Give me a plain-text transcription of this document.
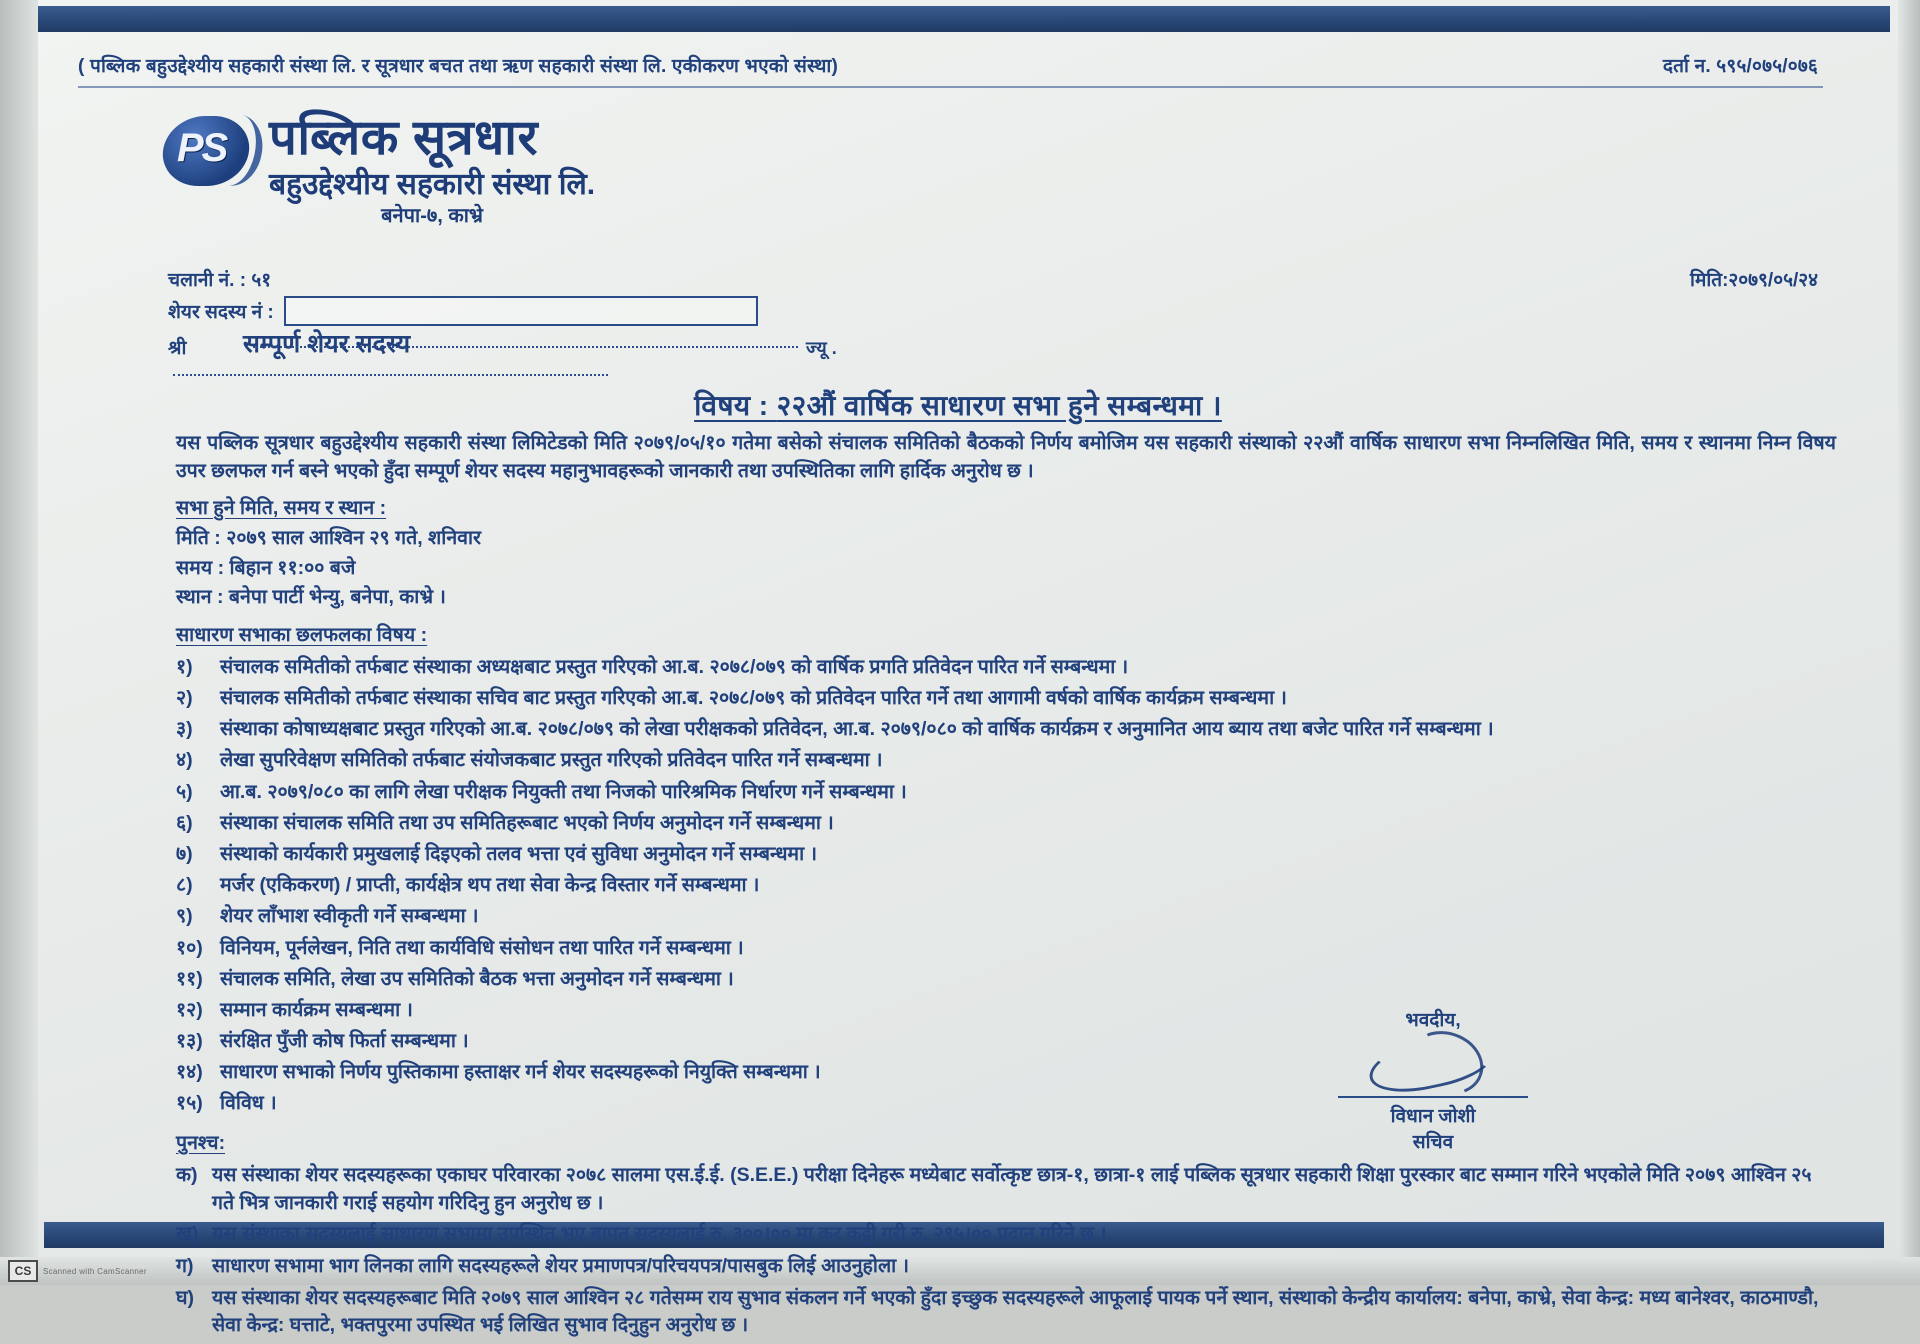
( पब्लिक बहुउद्देश्यीय सहकारी संस्था लि. र सूत्रधार बचत तथा ऋण सहकारी संस्था लि. एकीकरण भएको संस्था)	दर्ता न. ५९५/०७५/०७६
PS पब्लिक सूत्रधार
बहुउद्देश्यीय सहकारी संस्था लि.
बनेपा-७, काभ्रे
चलानी नं. : ५१	मिति:२०७९/०५/२४
शेयर सदस्य नं :
श्री	सम्पूर्ण शेयर सदस्य	ज्यू .
विषय : २२औं वार्षिक साधारण सभा हुने सम्बन्धमा ।
यस पब्लिक सूत्रधार बहुउद्देश्यीय सहकारी संस्था लिमिटेडको मिति २०७९/०५/१० गतेमा बसेको संचालक समितिको बैठकको निर्णय बमोजिम यस सहकारी संस्थाको २२औं वार्षिक साधारण सभा निम्नलिखित मिति, समय र स्थानमा निम्न विषय उपर छलफल गर्न बस्ने भएको हुँदा सम्पूर्ण शेयर सदस्य महानुभावहरूको जानकारी तथा उपस्थितिका लागि हार्दिक अनुरोध छ ।
सभा हुने मिति, समय र स्थान :
मिति : २०७९ साल आश्विन २९ गते, शनिवार
समय : बिहान ११:०० बजे
स्थान : बनेपा पार्टी भेन्यु, बनेपा, काभ्रे ।
साधारण सभाका छलफलका विषय :
१)	संचालक समितीको तर्फबाट संस्थाका अध्यक्षबाट प्रस्तुत गरिएको आ.ब. २०७८/०७९ को वार्षिक प्रगति प्रतिवेदन पारित गर्ने सम्बन्धमा ।
२)	संचालक समितीको तर्फबाट संस्थाका सचिव बाट प्रस्तुत गरिएको आ.ब. २०७८/०७९ को प्रतिवेदन पारित गर्ने तथा आगामी वर्षको वार्षिक कार्यक्रम सम्बन्धमा ।
३)	संस्थाका कोषाध्यक्षबाट प्रस्तुत गरिएको आ.ब. २०७८/०७९ को लेखा परीक्षकको प्रतिवेदन, आ.ब. २०७९/०८० को वार्षिक कार्यक्रम र अनुमानित आय ब्याय तथा बजेट पारित गर्ने सम्बन्धमा ।
४)	लेखा सुपरिवेक्षण समितिको तर्फबाट संयोजकबाट प्रस्तुत गरिएको प्रतिवेदन पारित गर्ने सम्बन्धमा ।
५)	आ.ब. २०७९/०८० का लागि लेखा परीक्षक नियुक्ती तथा निजको पारिश्रमिक निर्धारण गर्ने सम्बन्धमा ।
६)	संस्थाका संचालक समिति तथा उप समितिहरूबाट भएको निर्णय अनुमोदन गर्ने सम्बन्धमा ।
७)	संस्थाको कार्यकारी प्रमुखलाई दिइएको तलव भत्ता एवं सुविधा अनुमोदन गर्ने सम्बन्धमा ।
८)	मर्जर (एकिकरण) / प्राप्ती, कार्यक्षेत्र थप तथा सेवा केन्द्र विस्तार गर्ने सम्बन्धमा ।
९)	शेयर लाँभाश स्वीकृती गर्ने सम्बन्धमा ।
१०) विनियम, पूर्नलेखन, निति तथा कार्यविधि संसोधन तथा पारित गर्ने सम्बन्धमा ।
११) संचालक समिति, लेखा उप समितिको बैठक भत्ता अनुमोदन गर्ने सम्बन्धमा ।
१२) सम्मान कार्यक्रम सम्बन्धमा ।
१३) संरक्षित पुँजी कोष फिर्ता सम्बन्धमा ।
१४) साधारण सभाको निर्णय पुस्तिकामा हस्ताक्षर गर्न शेयर सदस्यहरूको नियुक्ति सम्बन्धमा ।
१५) विविध ।
पुनश्च:
क) यस संस्थाका शेयर सदस्यहरूका एकाघर परिवारका २०७८ सालमा एस.ई.ई. (S.E.E.) परीक्षा दिनेहरू मध्येबाट सर्वोत्कृष्ट छात्र-१, छात्रा-१ लाई पब्लिक सूत्रधार सहकारी शिक्षा पुरस्कार बाट सम्मान गरिने भएकोले मिति २०७९ आश्विन २५ गते भित्र जानकारी गराई सहयोग गरिदिनु हुन अनुरोध छ ।
ख) यस संस्थाका सदस्यलाई साधारण सभामा उपस्थित भए बापत सदस्यलाई रु. ३००।०० मा कर कट्टी गरी रु. २९५।०० प्रदान गरिने छ ।
ग) साधारण सभामा भाग लिनका लागि सदस्यहरूले शेयर प्रमाणपत्र/परिचयपत्र/पासबुक लिई आउनुहोला ।
घ) यस संस्थाका शेयर सदस्यहरूबाट मिति २०७९ साल आश्विन २८ गतेसम्म राय सुभाव संकलन गर्ने भएको हुँदा इच्छुक सदस्यहरूले आफूलाई पायक पर्ने स्थान, संस्थाको केन्द्रीय कार्यालय: बनेपा, काभ्रे, सेवा केन्द्र: मध्य बानेश्वर, काठमाण्डौ, सेवा केन्द्र: घत्ताटे, भक्तपुरमा उपस्थित भई लिखित सुभाव दिनुहुन अनुरोध छ ।
भवदीय,
विधान जोशी
सचिव
CS	Scanned with CamScanner
